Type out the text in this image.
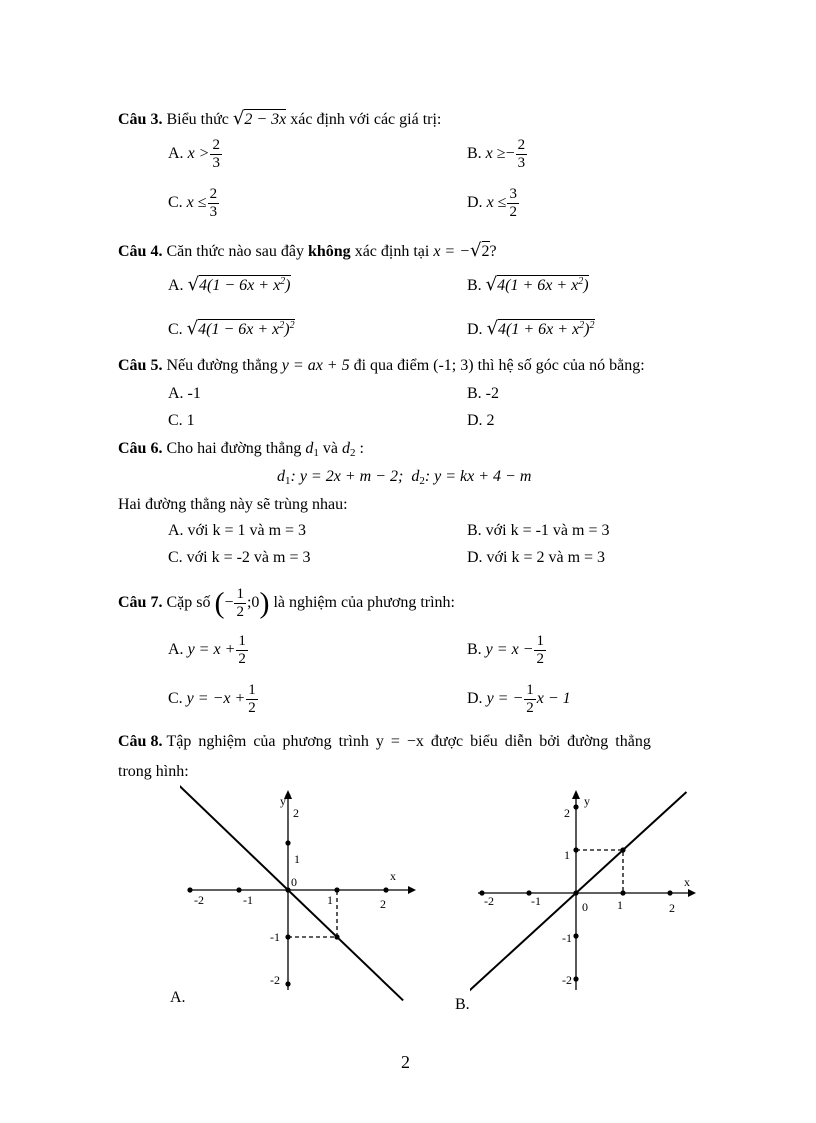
Câu 3. Biểu thức √2 − 3x xác định với các giá trị:
A. $x > \frac{2}{3}$	B. $x \ge- \frac{2}{3}$
C. $x \le \frac{2}{3}$	D. $x \le \frac{3}{2}$
Câu 4. Căn thức nào sau đây không xác định tại x = −√2?
A. $√4(1 - 6x + x^2)$	B. $√4(1 + 6x + x^2)$
C. $√4(1 - 6x + x^2)^2$	D. $√4(1 + 6x + x^2)^2$
Câu 5. Nếu đường thẳng y = ax + 5 đi qua điểm (-1; 3) thì hệ số góc của nó bằng:
A. -1	B. -2
C. 1	D. 2
Câu 6. Cho hai đường thẳng $d_1$ và $d_2$ :
$d_1$: y = 2x + m − 2; $d_2$: y = kx + 4 − m
Hai đường thẳng này sẽ trùng nhau:
A. với k = 1 và m = 3	B. với k = -1 và m = 3
C. với k = -2 và m = 3	D. với k = 2 và m = 3
Câu 7. Cặp số (− $\frac{1}{2}$ ;0) là nghiệm của phương trình:
A. $y = x + \frac{1}{2}$	B. $y = x - \frac{1}{2}$
C. $y = -x + \frac{1}{2}$	D. y = − $\frac{1}{2}$ x − 1
Câu 8. Tập nghiệm của phương trình y = −x được biểu diễn bởi đường thẳng
trong hình:
y
x
-2	-1
0
1	2
1
2
-1
-2
A.
y
x
-2	-1	0 1	2
1
2
-1
-2
B.
2
